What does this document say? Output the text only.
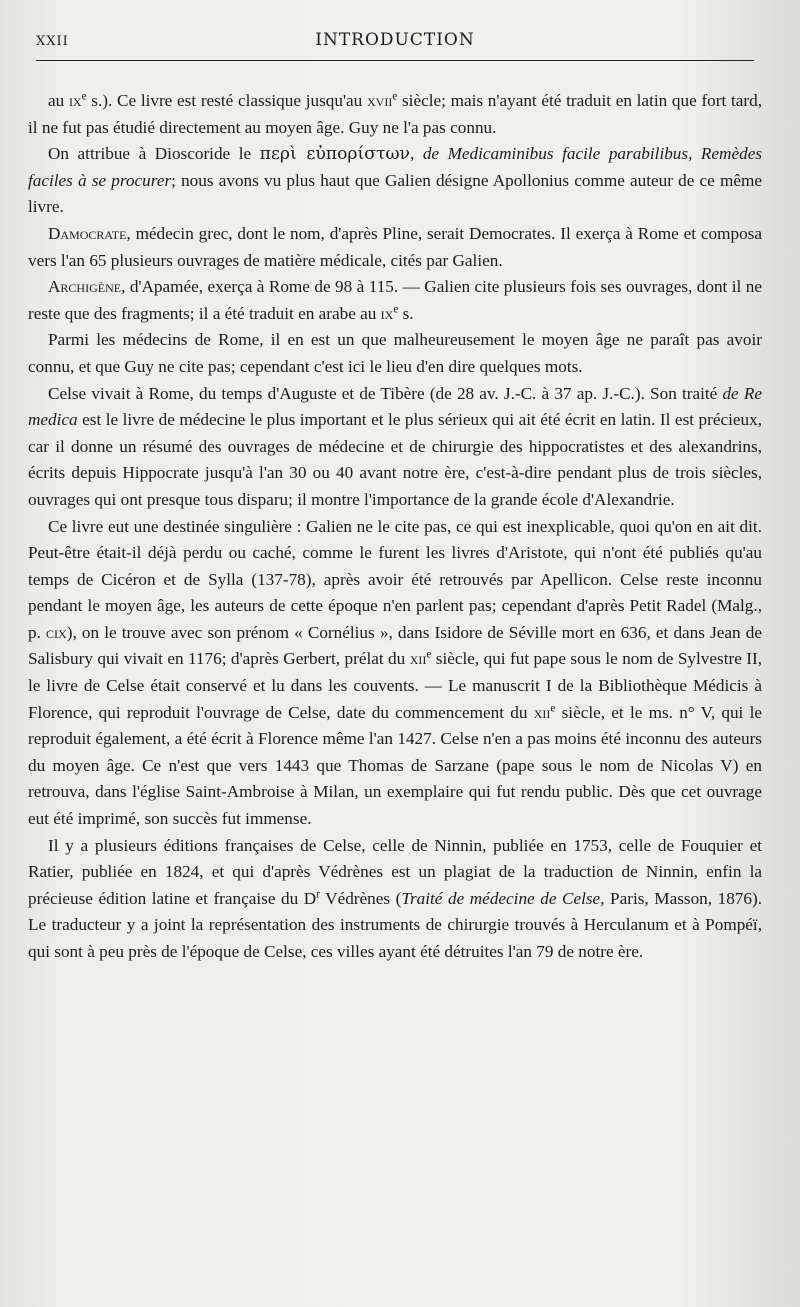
XXII	INTRODUCTION

au $ix^e$ s.). Ce livre est resté classique jusqu'au xvii$^e$ siècle; mais n'ayant été traduit en latin que fort tard, il ne fut pas étudié directement au moyen âge. Guy ne l'a pas connu.

On attribue à Dioscoride le περὶ εὐπορίστων, de Medicaminibus facile parabilibus, Remèdes faciles à se procurer; nous avons vu plus haut que Galien désigne Apollonius comme auteur de ce même livre.

Damocrate, médecin grec, dont le nom, d'après Pline, serait Democrates. Il exerça à Rome et composa vers l'an 65 plusieurs ouvrages de matière médicale, cités par Galien.

Archigène, d'Apamée, exerça à Rome de 98 à 115. — Galien cite plusieurs fois ses ouvrages, dont il ne reste que des fragments; il a été traduit en arabe au $ix^e$ s.

Parmi les médecins de Rome, il en est un que malheureusement le moyen âge ne paraît pas avoir connu, et que Guy ne cite pas; cependant c'est ici le lieu d'en dire quelques mots.

Celse vivait à Rome, du temps d'Auguste et de Tibère (de 28 av. J.-C. à 37 ap. J.-C.). Son traité de Re medica est le livre de médecine le plus important et le plus sérieux qui ait été écrit en latin. Il est précieux, car il donne un résumé des ouvrages de médecine et de chirurgie des hippocratistes et des alexandrins, écrits depuis Hippocrate jusqu'à l'an 30 ou 40 avant notre ère, c'est-à-dire pendant plus de trois siècles, ouvrages qui ont presque tous disparu; il montre l'importance de la grande école d'Alexandrie.

Ce livre eut une destinée singulière : Galien ne le cite pas, ce qui est inexplicable, quoi qu'on en ait dit. Peut-être était-il déjà perdu ou caché, comme le furent les livres d'Aristote, qui n'ont été publiés qu'au temps de Cicéron et de Sylla (137-78), après avoir été retrouvés par Apellicon. Celse reste inconnu pendant le moyen âge, les auteurs de cette époque n'en parlent pas; cependant d'après Petit Radel (Malg., p. cix), on le trouve avec son prénom « Cornélius », dans Isidore de Séville mort en 636, et dans Jean de Salisbury qui vivait en 1176; d'après Gerbert, prélat du xii$^e$ siècle, qui fut pape sous le nom de Sylvestre II, le livre de Celse était conservé et lu dans les couvents. — Le manuscrit I de la Bibliothèque Médicis à Florence, qui reproduit l'ouvrage de Celse, date du commencement du xii$^e$ siècle, et le ms. n° V, qui le reproduit également, a été écrit à Florence même l'an 1427. Celse n'en a pas moins été inconnu des auteurs du moyen âge. Ce n'est que vers 1443 que Thomas de Sarzane (pape sous le nom de Nicolas V) en retrouva, dans l'église Saint-Ambroise à Milan, un exemplaire qui fut rendu public. Dès que cet ouvrage eut été imprimé, son succès fut immense.

Il y a plusieurs éditions françaises de Celse, celle de Ninnin, publiée en 1753, celle de Fouquier et Ratier, publiée en 1824, et qui d'après Védrènes est un plagiat de la traduction de Ninnin, enfin la précieuse édition latine et française du $D^r$ Védrènes (Traité de médecine de Celse, Paris, Masson, 1876). Le traducteur y a joint la représentation des instruments de chirurgie trouvés à Herculanum et à Pompéï, qui sont à peu près de l'époque de Celse, ces villes ayant été détruites l'an 79 de notre ère.
